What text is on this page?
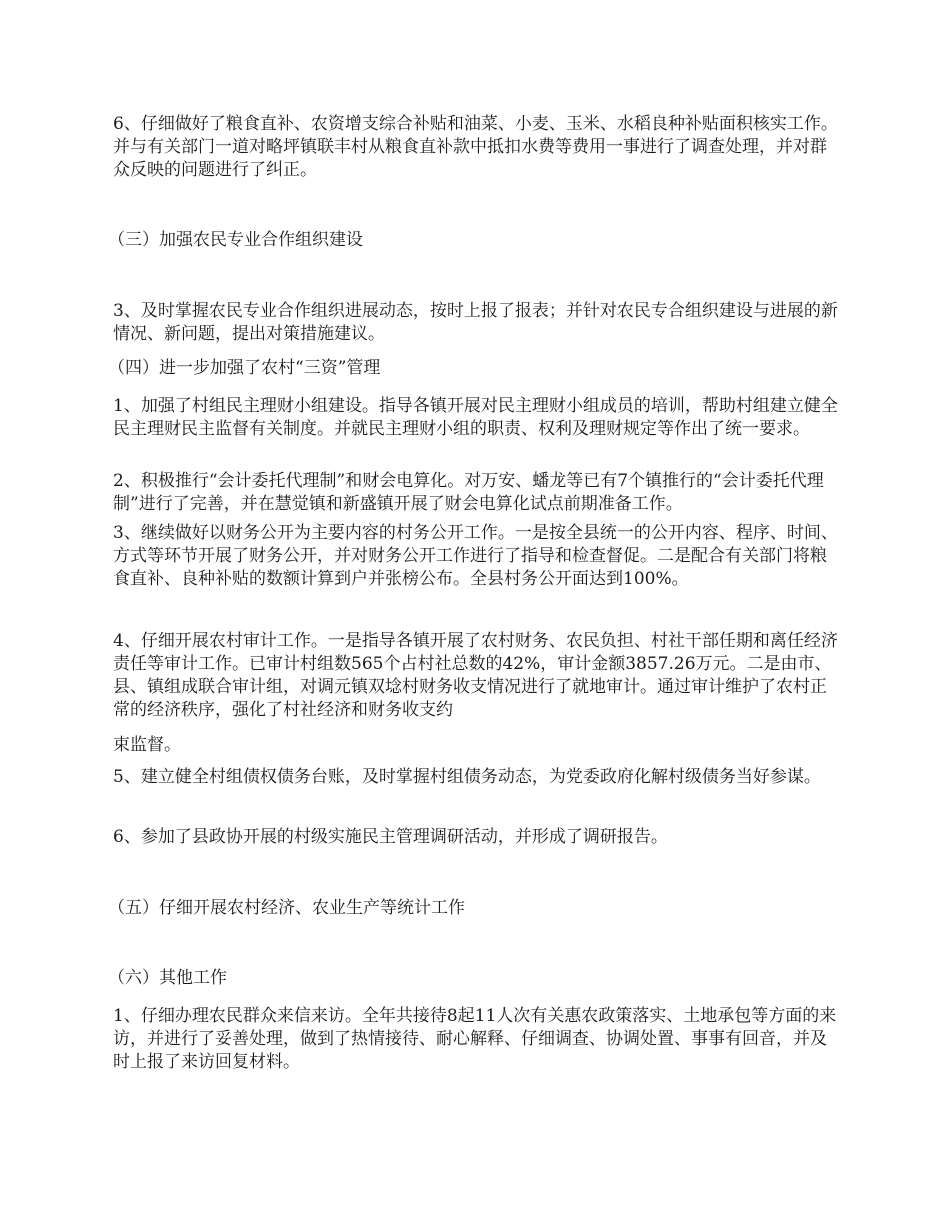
6、仔细做好了粮食直补、农资增支综合补贴和油菜、小麦、玉米、水稻良种补贴面积核实工作。并与有关部门一道对略坪镇联丰村从粮食直补款中抵扣水费等费用一事进行了调查处理，并对群众反映的问题进行了纠正。

（三）加强农民专业合作组织建设

3、及时掌握农民专业合作组织进展动态，按时上报了报表；并针对农民专合组织建设与进展的新情况、新问题，提出对策措施建议。

（四）进一步加强了农村“三资”管理

1、加强了村组民主理财小组建设。指导各镇开展对民主理财小组成员的培训，帮助村组建立健全民主理财民主监督有关制度。并就民主理财小组的职责、权利及理财规定等作出了统一要求。

2、积极推行“会计委托代理制”和财会电算化。对万安、蟠龙等已有7个镇推行的“会计委托代理制”进行了完善，并在慧觉镇和新盛镇开展了财会电算化试点前期准备工作。

3、继续做好以财务公开为主要内容的村务公开工作。一是按全县统一的公开内容、程序、时间、方式等环节开展了财务公开，并对财务公开工作进行了指导和检查督促。二是配合有关部门将粮食直补、良种补贴的数额计算到户并张榜公布。全县村务公开面达到100%。

4、仔细开展农村审计工作。一是指导各镇开展了农村财务、农民负担、村社干部任期和离任经济责任等审计工作。已审计村组数565个占村社总数的42%，审计金额3857.26万元。二是由市、县、镇组成联合审计组，对调元镇双埝村财务收支情况进行了就地审计。通过审计维护了农村正常的经济秩序，强化了村社经济和财务收支约

束监督。

5、建立健全村组债权债务台账，及时掌握村组债务动态，为党委政府化解村级债务当好参谋。

6、参加了县政协开展的村级实施民主管理调研活动，并形成了调研报告。

（五）仔细开展农村经济、农业生产等统计工作

（六）其他工作

1、仔细办理农民群众来信来访。全年共接待8起11人次有关惠农政策落实、土地承包等方面的来访，并进行了妥善处理，做到了热情接待、耐心解释、仔细调查、协调处置、事事有回音，并及时上报了来访回复材料。
